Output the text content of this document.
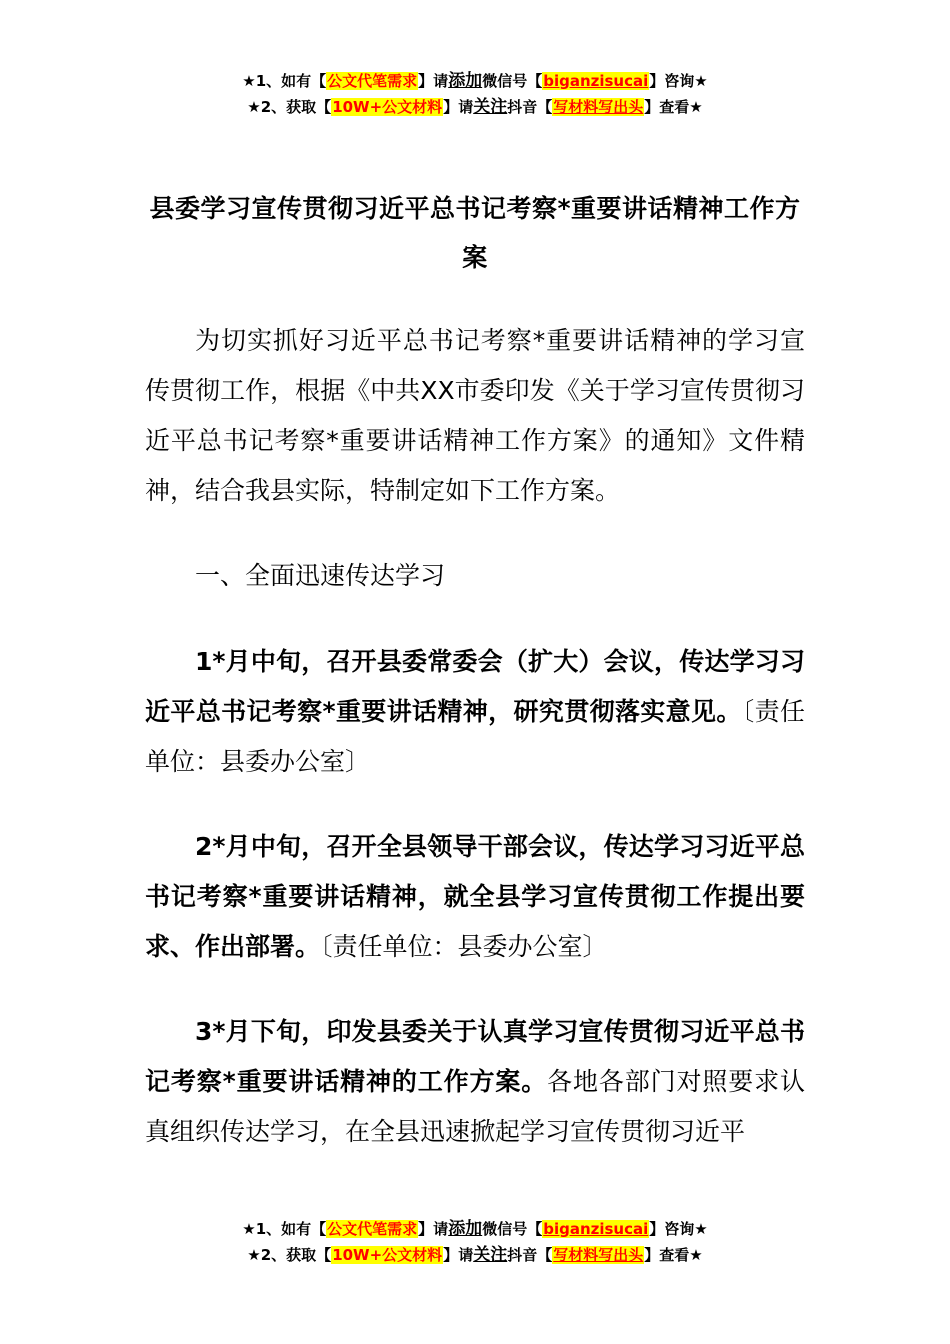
★1、如有【公文代笔需求】请添加微信号【biganzisucai】咨询★
★2、获取【10W+公文材料】请关注抖音【写材料写出头】查看★
县委学习宣传贯彻习近平总书记考察*重要讲话精神工作方案

为切实抓好习近平总书记考察*重要讲话精神的学习宣传贯彻工作，根据《中共XX市委印发《关于学习宣传贯彻习近平总书记考察*重要讲话精神工作方案》的通知》文件精神，结合我县实际，特制定如下工作方案。

一、全面迅速传达学习

1*月中旬，召开县委常委会（扩大）会议，传达学习习近平总书记考察*重要讲话精神，研究贯彻落实意见。〔责任单位：县委办公室〕

2*月中旬，召开全县领导干部会议，传达学习习近平总书记考察*重要讲话精神，就全县学习宣传贯彻工作提出要求、作出部署。〔责任单位：县委办公室〕

3*月下旬，印发县委关于认真学习宣传贯彻习近平总书记考察*重要讲话精神的工作方案。各地各部门对照要求认真组织传达学习，在全县迅速掀起学习宣传贯彻习近平

★1、如有【公文代笔需求】请添加微信号【biganzisucai】咨询★
★2、获取【10W+公文材料】请关注抖音【写材料写出头】查看★
